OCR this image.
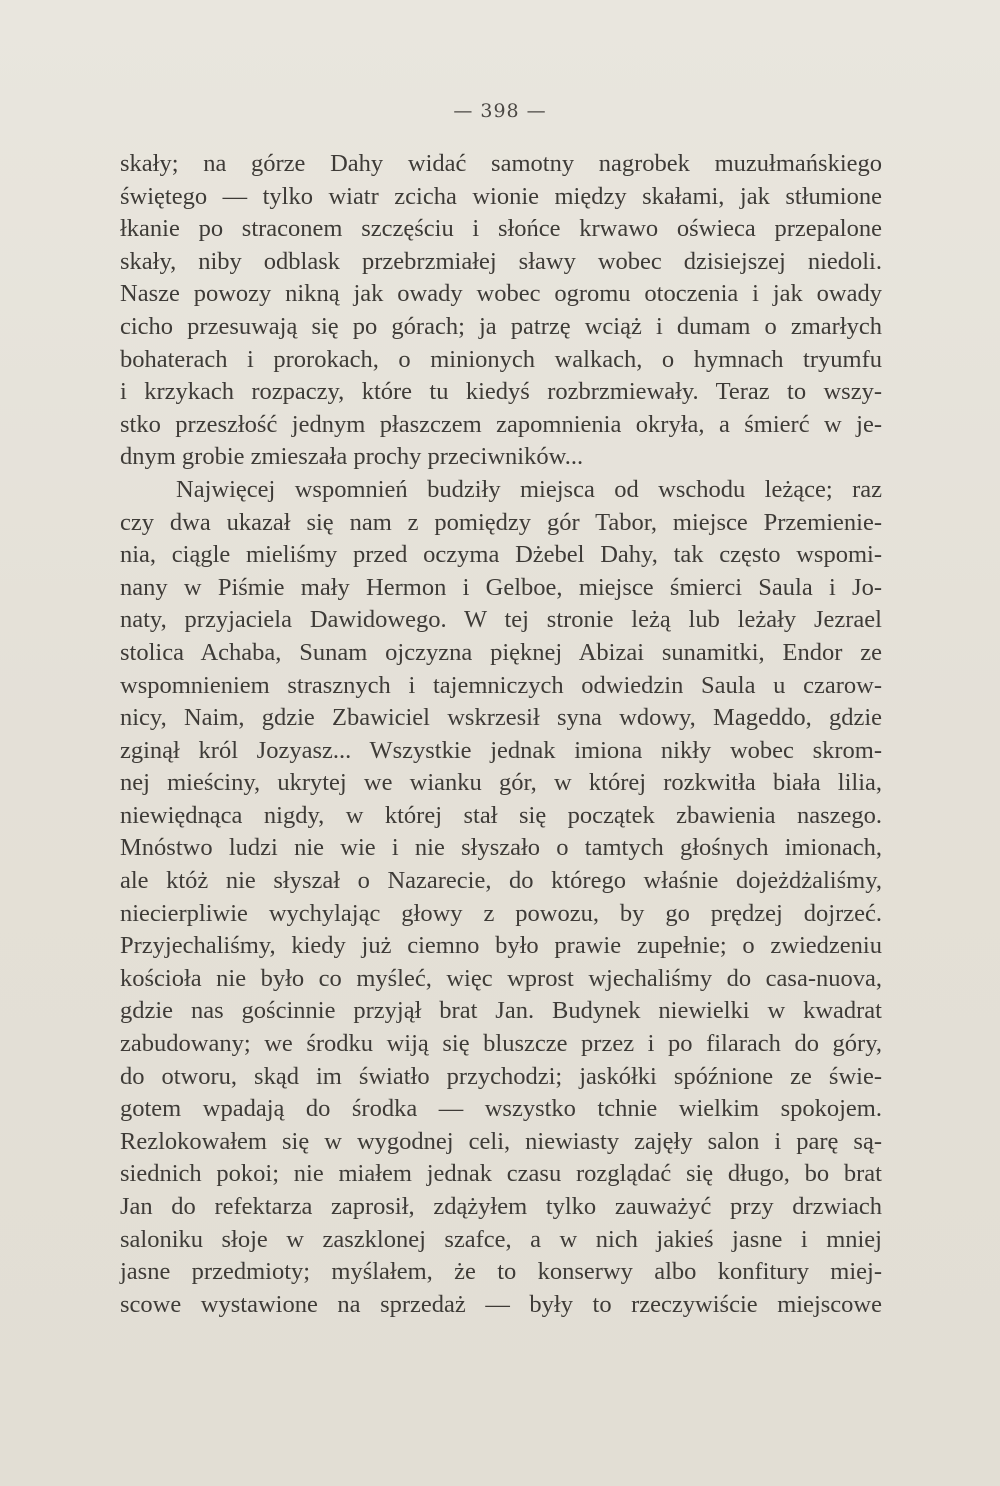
— 398 —
skały; na górze Dahy widać samotny nagrobek muzułmańskiego
świętego — tylko wiatr zcicha wionie między skałami, jak stłumione
łkanie po straconem szczęściu i słońce krwawo oświeca przepalone
skały, niby odblask przebrzmiałej sławy wobec dzisiejszej niedoli.
Nasze powozy nikną jak owady wobec ogromu otoczenia i jak owady
cicho przesuwają się po górach; ja patrzę wciąż i dumam o zmarłych
bohaterach i prorokach, o minionych walkach, o hymnach tryumfu
i krzykach rozpaczy, które tu kiedyś rozbrzmiewały. Teraz to wszy-
stko przeszłość jednym płaszczem zapomnienia okryła, a śmierć w je-
dnym grobie zmieszała prochy przeciwników...
Najwięcej wspomnień budziły miejsca od wschodu leżące; raz
czy dwa ukazał się nam z pomiędzy gór Tabor, miejsce Przemienie-
nia, ciągle mieliśmy przed oczyma Dżebel Dahy, tak często wspomi-
nany w Piśmie mały Hermon i Gelboe, miejsce śmierci Saula i Jo-
naty, przyjaciela Dawidowego. W tej stronie leżą lub leżały Jezrael
stolica Achaba, Sunam ojczyzna pięknej Abizai sunamitki, Endor ze
wspomnieniem strasznych i tajemniczych odwiedzin Saula u czarow-
nicy, Naim, gdzie Zbawiciel wskrzesił syna wdowy, Mageddo, gdzie
zginął król Jozyasz... Wszystkie jednak imiona nikły wobec skrom-
nej mieściny, ukrytej we wianku gór, w której rozkwitła biała lilia,
niewiędnąca nigdy, w której stał się początek zbawienia naszego.
Mnóstwo ludzi nie wie i nie słyszało o tamtych głośnych imionach,
ale któż nie słyszał o Nazarecie, do którego właśnie dojeżdżaliśmy,
niecierpliwie wychylając głowy z powozu, by go prędzej dojrzeć.
Przyjechaliśmy, kiedy już ciemno było prawie zupełnie; o zwiedzeniu
kościoła nie było co myśleć, więc wprost wjechaliśmy do casa-nuova,
gdzie nas gościnnie przyjął brat Jan. Budynek niewielki w kwadrat
zabudowany; we środku wiją się bluszcze przez i po filarach do góry,
do otworu, skąd im światło przychodzi; jaskółki spóźnione ze świe-
gotem wpadają do środka — wszystko tchnie wielkim spokojem.
Rezlokowałem się w wygodnej celi, niewiasty zajęły salon i parę są-
siednich pokoi; nie miałem jednak czasu rozglądać się długo, bo brat
Jan do refektarza zaprosił, zdążyłem tylko zauważyć przy drzwiach
saloniku słoje w zaszklonej szafce, a w nich jakieś jasne i mniej
jasne przedmioty; myślałem, że to konserwy albo konfitury miej-
scowe wystawione na sprzedaż — były to rzeczywiście miejscowe
